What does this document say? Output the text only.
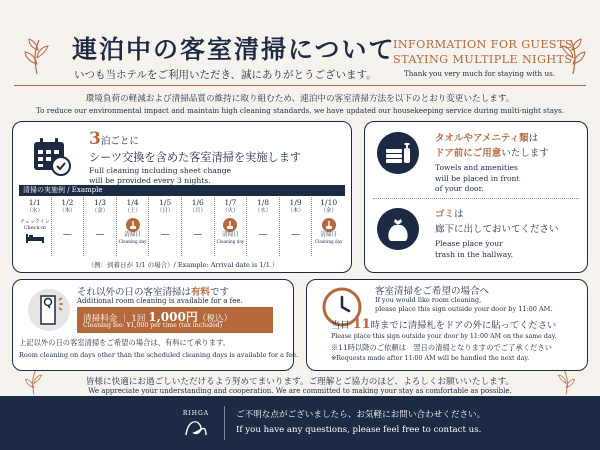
連泊中の客室清掃について
いつも当ホテルをご利用いただき、誠にありがとうございます。
INFORMATION FOR GUESTS
STAYING MULTIPLE NIGHTS
Thank you very much for staying with us.
環境負荷の軽減および清掃品質の維持に取り組むため、連泊中の客室清掃方法を以下のとおり変更いたします。
To reduce our environmental impact and maintain high cleaning standards, we have updated our housekeeping service during multi-night stays.
3泊ごとに
シーツ交換を含めた客室清掃を実施します
Full cleaning including sheet change
will be provided every 3 nights.
清掃の実施例 / Example
1/1
（水）
チェックイン
Check-in
1/2
（木）
—
1/3
（金）
—
1/4
（土）
清掃日
Cleaning day
1/5
（日）
—
1/6
（月）
—
1/7
（火）
清掃日
Cleaning day
1/8
（水）
—
1/9
（木）
—
1/10
（金）
清掃日
Cleaning day
（例：到着日が 1/1 の場合）/ Example: Arrival date is 1/1.）
タオルやアメニティ類は
ドア前にご用意いたします
Towels and amenities
will be placed in front
of your door.
ゴミは
廊下に出しておいてください
Please place your
trash in the hallway.
それ以外の日の客室清掃は有料です
Additional room cleaning is available for a fee.
清掃料金 ｜ 1回 1,000円（税込）
Cleaning fee: ¥1,000 per time (tax included)
上記以外の日の客室清掃をご希望の場合は、有料にて承ります。
Room cleaning on days other than the scheduled cleaning days is available for a fee.
客室清掃をご希望の場合へ
If you would like room cleaning,
please place this sign outside your door by 11:00 AM.
当日 11時までに清掃札をドアの外に貼ってください
Please place this sign outside your door by 11:00 AM on the same day.
※11時以降のご依頼は　翌日の清掃となりますのでご了承ください
※Requests made after 11:00 AM will be handled the next day.
皆様に快適にお過ごしいただけるよう努めてまいります。ご理解とご協力のほど、よろしくお願いいたします。
We appreciate your understanding and cooperation. We are committed to making your stay as comfortable as possible.
RIHGA	ご不明な点がございましたら、お気軽にお問い合わせください。
If you have any questions, please feel free to contact us.
